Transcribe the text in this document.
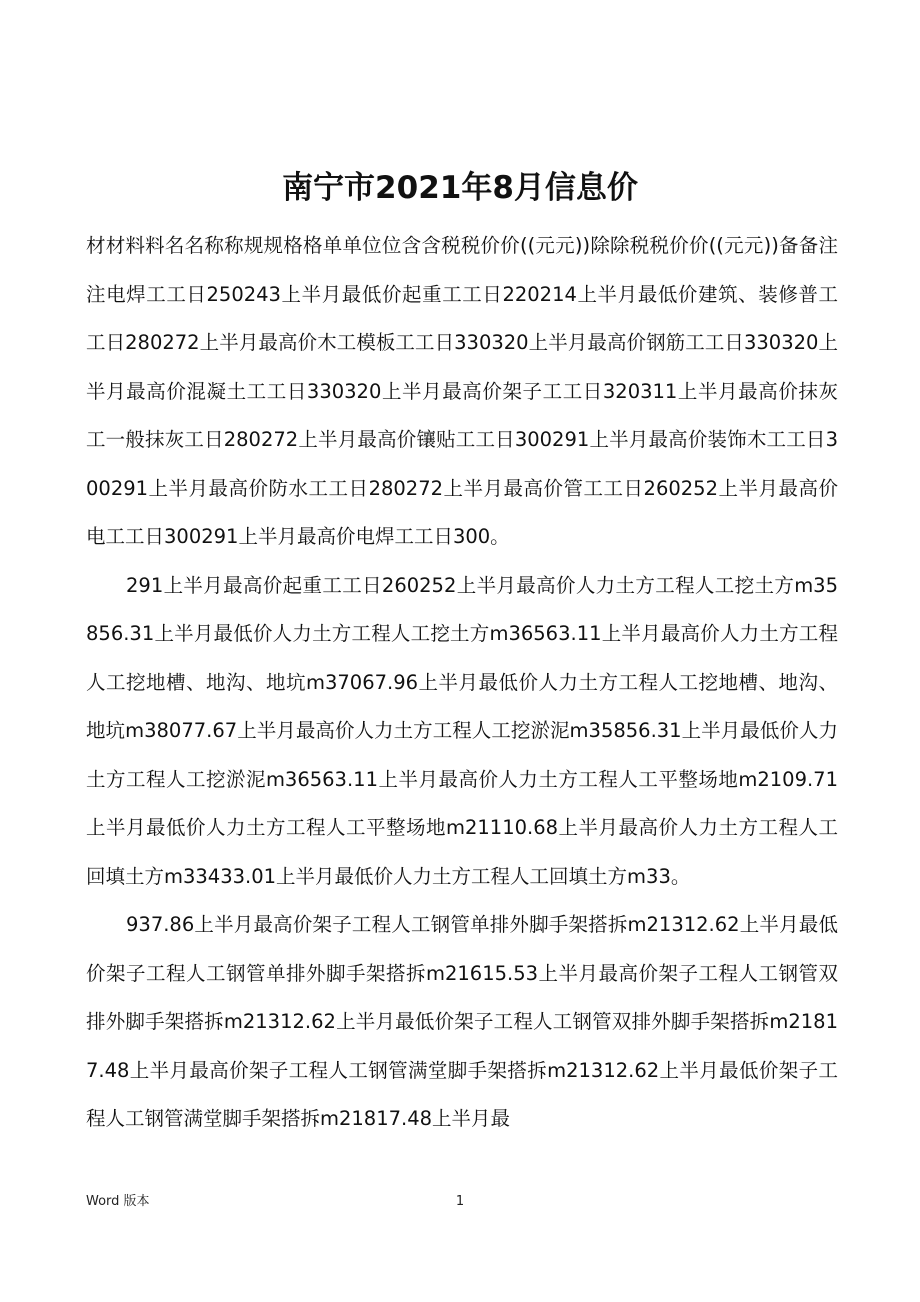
南宁市2021年8月信息价

材材料料名名称称规规格格单单位位含含税税价价((元元))除除税税价价((元元))备备注注电焊工工日250243上半月最低价起重工工日220214上半月最低价建筑、装修普工工日280272上半月最高价木工模板工工日330320上半月最高价钢筋工工日330320上半月最高价混凝土工工日330320上半月最高价架子工工日320311上半月最高价抹灰工一般抹灰工日280272上半月最高价镶贴工工日300291上半月最高价装饰木工工日300291上半月最高价防水工工日280272上半月最高价管工工日260252上半月最高价电工工日300291上半月最高价电焊工工日300。

291上半月最高价起重工工日260252上半月最高价人力土方工程人工挖土方m35856.31上半月最低价人力土方工程人工挖土方m36563.11上半月最高价人力土方工程人工挖地槽、地沟、地坑m37067.96上半月最低价人力土方工程人工挖地槽、地沟、地坑m38077.67上半月最高价人力土方工程人工挖淤泥m35856.31上半月最低价人力土方工程人工挖淤泥m36563.11上半月最高价人力土方工程人工平整场地m2109.71上半月最低价人力土方工程人工平整场地m21110.68上半月最高价人力土方工程人工回填土方m33433.01上半月最低价人力土方工程人工回填土方m33。

937.86上半月最高价架子工程人工钢管单排外脚手架搭拆m21312.62上半月最低价架子工程人工钢管单排外脚手架搭拆m21615.53上半月最高价架子工程人工钢管双排外脚手架搭拆m21312.62上半月最低价架子工程人工钢管双排外脚手架搭拆m21817.48上半月最高价架子工程人工钢管满堂脚手架搭拆m21312.62上半月最低价架子工程人工钢管满堂脚手架搭拆m21817.48上半月最

Word 版本	1
